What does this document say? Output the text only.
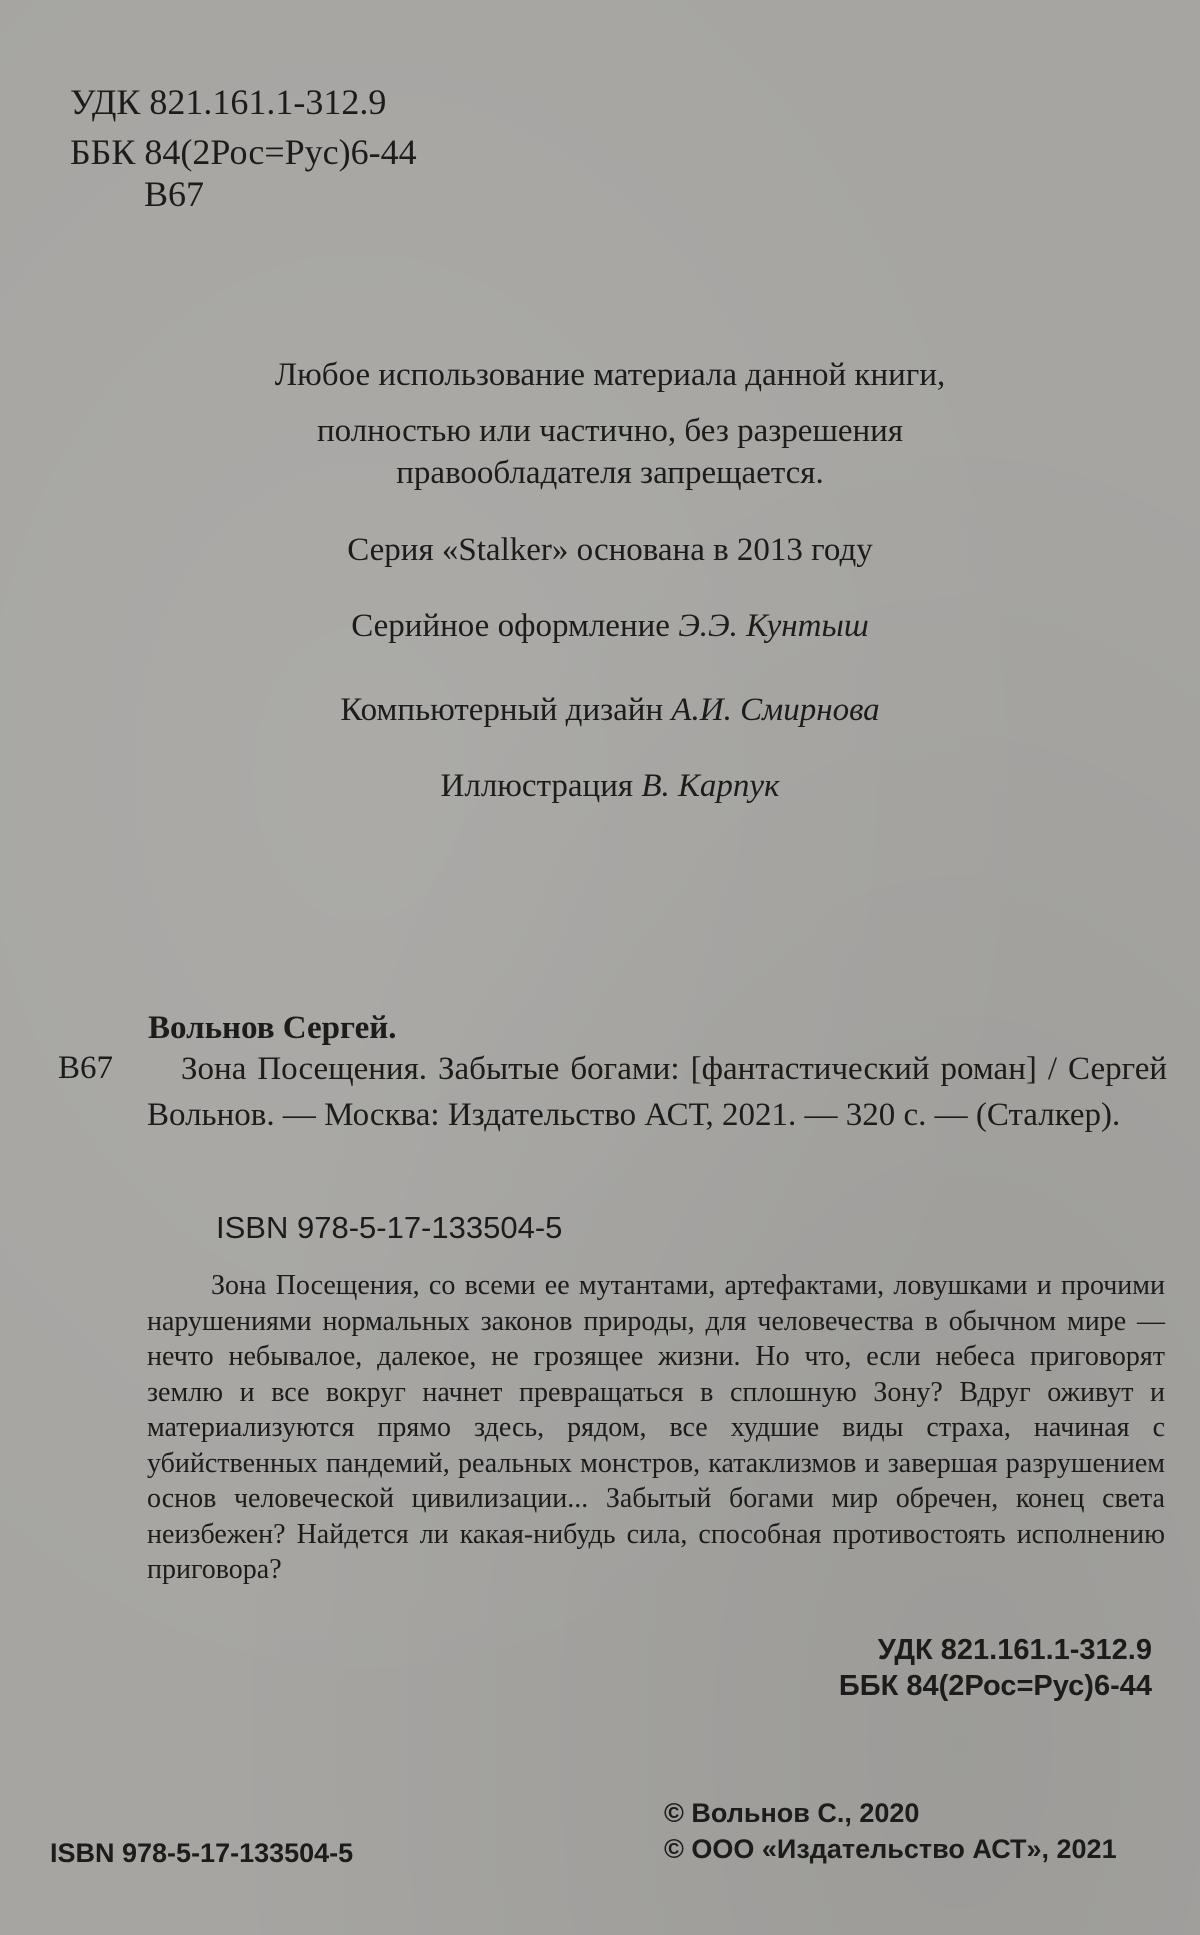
УДК 821.161.1-312.9
ББК 84(2Рос=Рус)6-44
В67
Любое использование материала данной книги,
полностью или частично, без разрешения
правообладателя запрещается.
Серия «Stalker» основана в 2013 году
Серийное оформление Э.Э. Кунтыш
Компьютерный дизайн А.И. Смирнова
Иллюстрация В. Карпук
Вольнов Сергей.
В67	Зона Посещения. Забытые богами: [фантастический роман] / Сергей Вольнов. — Москва: Издательство АСТ, 2021. — 320 с. — (Сталкер).
ISBN 978-5-17-133504-5
Зона Посещения, со всеми ее мутантами, артефактами, ловушками и прочими нарушениями нормальных законов природы, для человечества в обычном мире — нечто небывалое, далекое, не грозящее жизни. Но что, если небеса приговорят землю и все вокруг начнет превращаться в сплошную Зону? Вдруг оживут и материализуются прямо здесь, рядом, все худшие виды страха, начиная с убийственных пандемий, реальных монстров, катаклизмов и завершая разрушением основ человеческой цивилизации... Забытый богами мир обречен, конец света неизбежен? Найдется ли какая-нибудь сила, способная противостоять исполнению приговора?
УДК 821.161.1-312.9
ББК 84(2Рос=Рус)6-44
ISBN 978-5-17-133504-5
© Вольнов С., 2020
© ООО «Издательство АСТ», 2021
